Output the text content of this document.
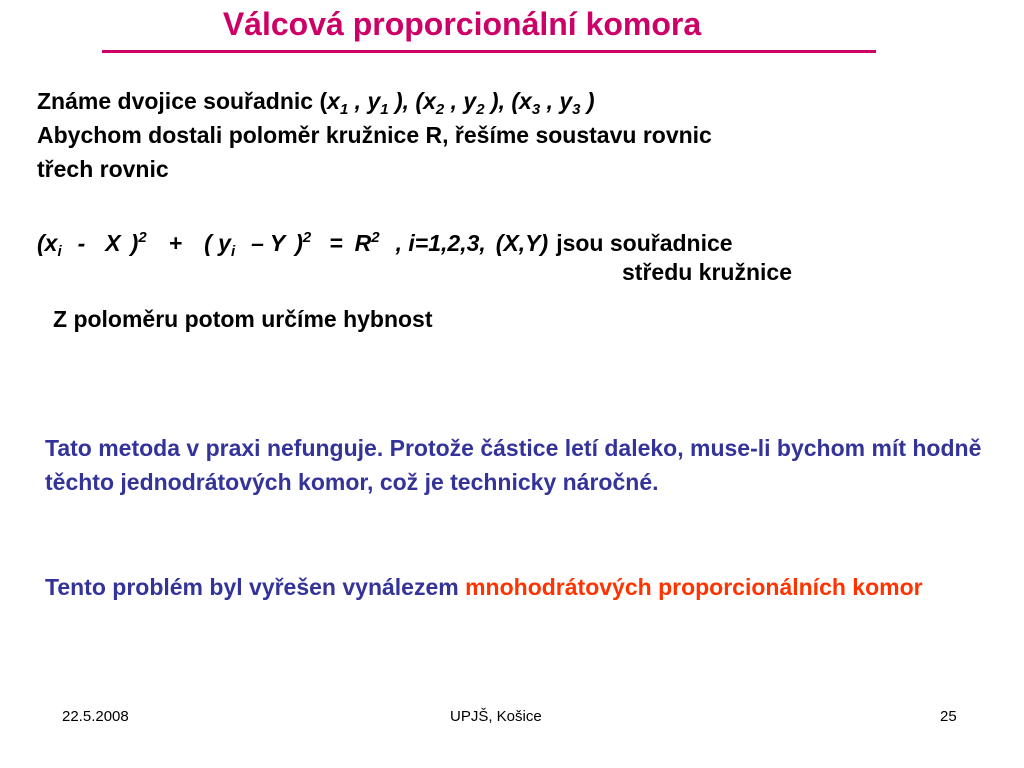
Válcová proporcionální komora
Známe dvojice souřadnic ($x_1$ , $y_1$ ), ($x_2$ , $y_2$ ), ($x_3$ , $y_3$ )
Abychom dostali poloměr kružnice R, řešíme soustavu rovnic
třech rovnic
($x_i$ - X )$^2$ + ( $y_i$ – Y )$^2 = R^2$ , i=1,2,3, (X,Y) jsou souřadnice
středu kružnice
Z poloměru potom určíme hybnost
Tato metoda v praxi nefunguje. Protože částice letí daleko, muse-li bychom mít hodně těchto jednodrátových komor, což je technicky náročné.
Tento problém byl vyřešen vynálezem mnohodrátových proporcionálních komor
22.5.2008	UPJŠ, Košice	25
